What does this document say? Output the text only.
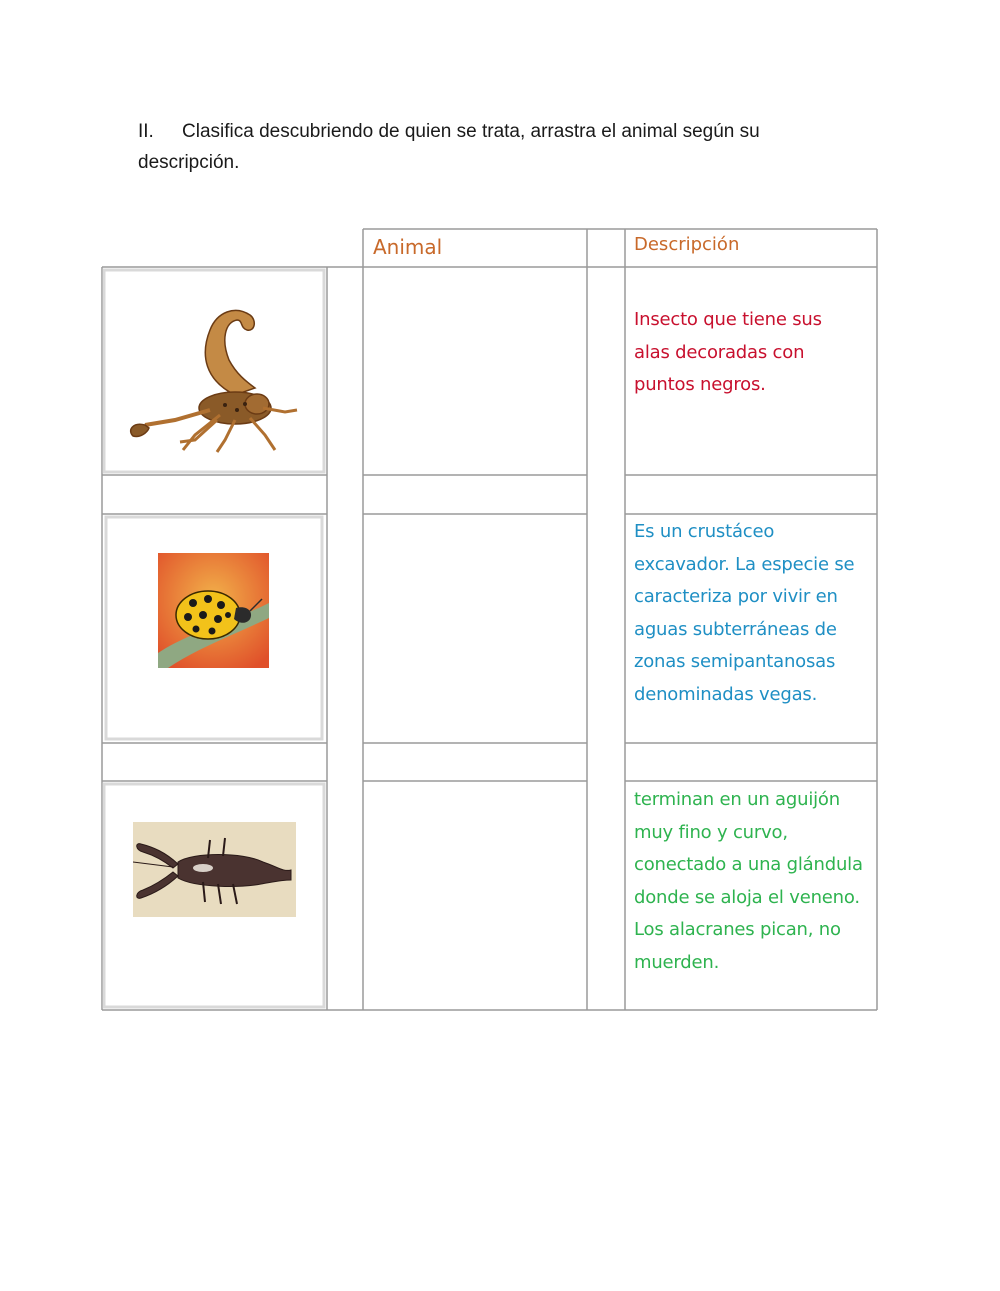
II. Clasifica descubriendo de quien se trata, arrastra el animal según su descripción.
Animal	Descripción
Insecto que tiene sus alas decoradas con puntos negros.
Es un crustáceo excavador. La especie se caracteriza por vivir en aguas subterráneas de zonas semipantanosas denominadas vegas.
terminan en un aguijón muy fino y curvo, conectado a una glándula donde se aloja el veneno. Los alacranes pican, no muerden.
